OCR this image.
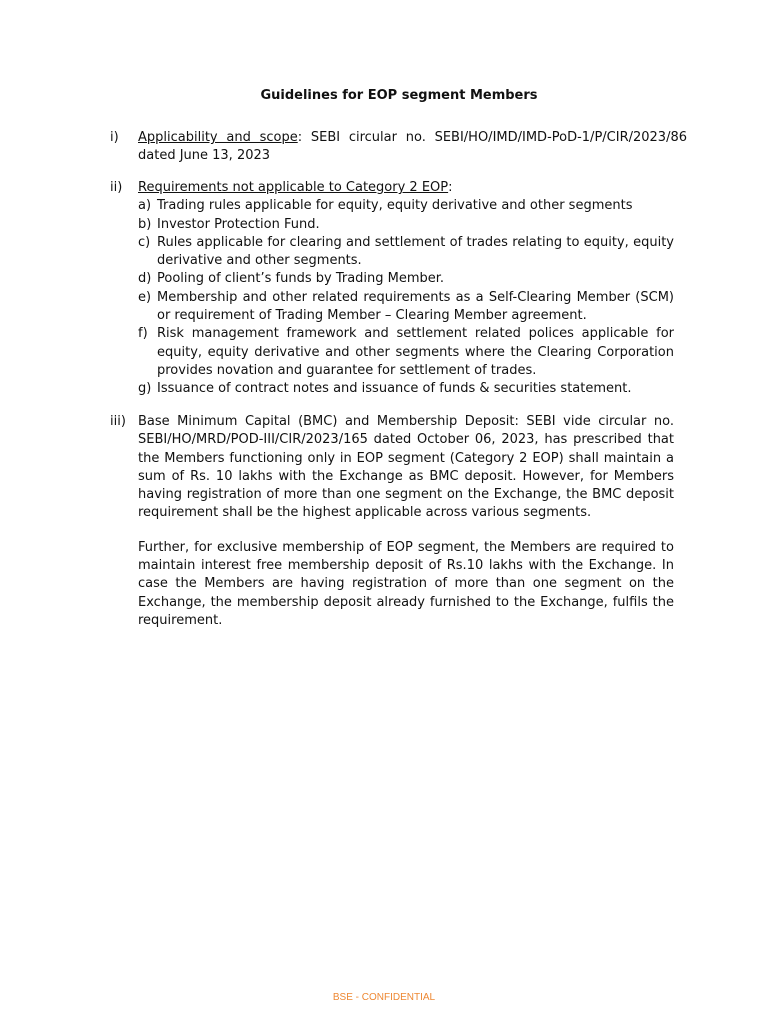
Guidelines for EOP segment Members
i) Applicability and scope: SEBI circular no. SEBI/HO/IMD/IMD-PoD-1/P/CIR/2023/86 dated June 13, 2023
ii) Requirements not applicable to Category 2 EOP:
a) Trading rules applicable for equity, equity derivative and other segments
b) Investor Protection Fund.
c) Rules applicable for clearing and settlement of trades relating to equity, equity derivative and other segments.
d) Pooling of client’s funds by Trading Member.
e) Membership and other related requirements as a Self-Clearing Member (SCM) or requirement of Trading Member – Clearing Member agreement.
f) Risk management framework and settlement related polices applicable for equity, equity derivative and other segments where the Clearing Corporation provides novation and guarantee for settlement of trades.
g) Issuance of contract notes and issuance of funds & securities statement.
iii) Base Minimum Capital (BMC) and Membership Deposit: SEBI vide circular no. SEBI/HO/MRD/POD-III/CIR/2023/165 dated October 06, 2023, has prescribed that the Members functioning only in EOP segment (Category 2 EOP) shall maintain a sum of Rs. 10 lakhs with the Exchange as BMC deposit. However, for Members having registration of more than one segment on the Exchange, the BMC deposit requirement shall be the highest applicable across various segments.
Further, for exclusive membership of EOP segment, the Members are required to maintain interest free membership deposit of Rs.10 lakhs with the Exchange. In case the Members are having registration of more than one segment on the Exchange, the membership deposit already furnished to the Exchange, fulfils the requirement.
BSE - CONFIDENTIAL
